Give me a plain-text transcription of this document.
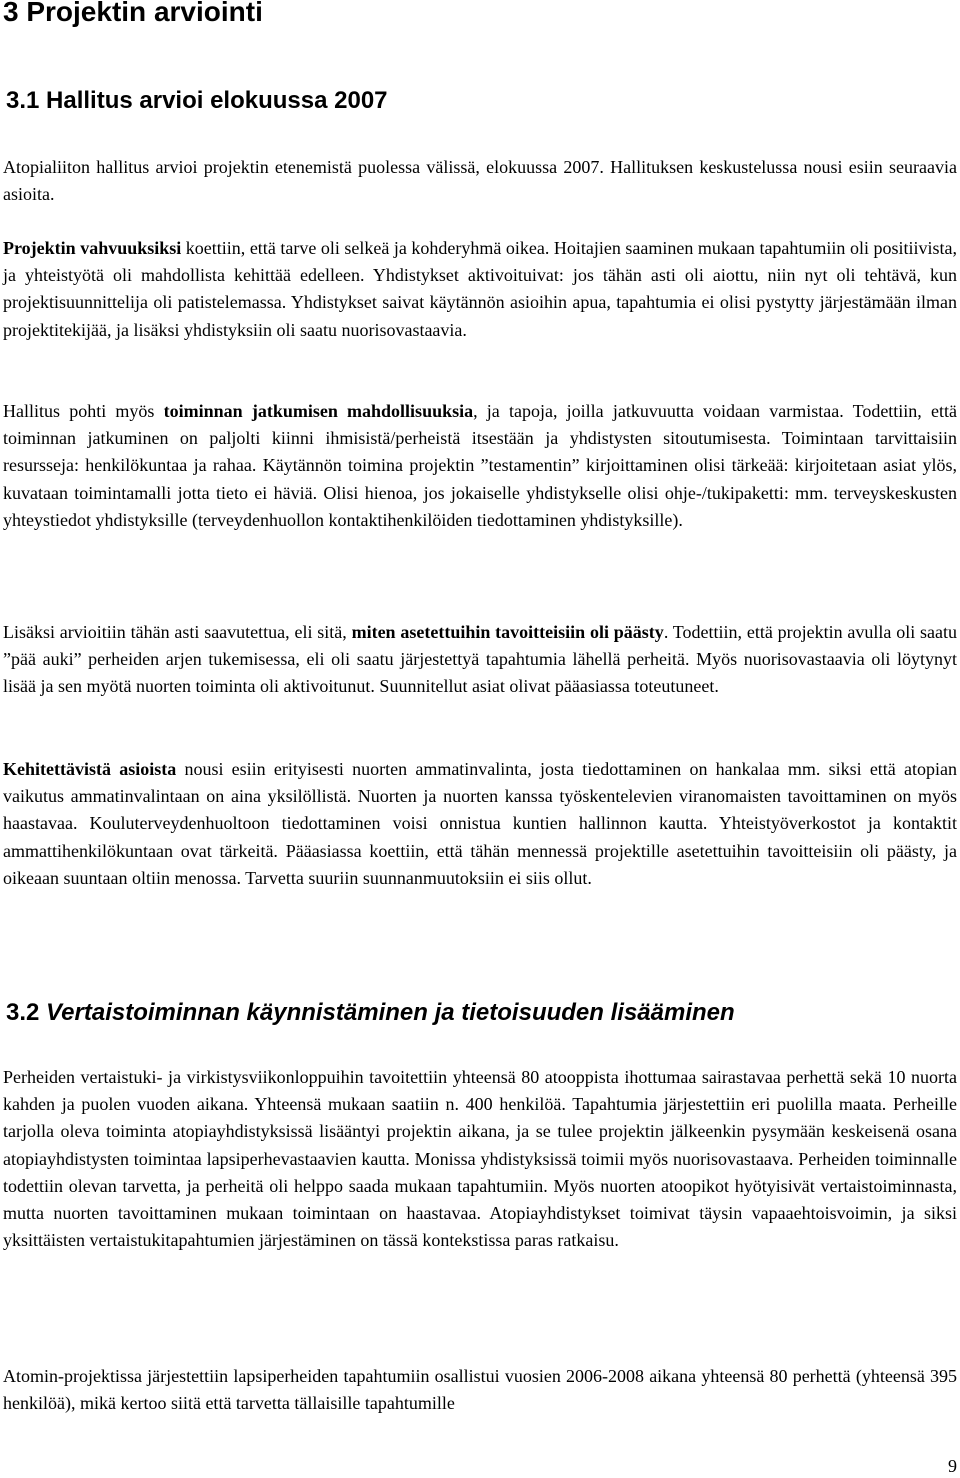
3 Projektin arviointi
3.1 Hallitus arvioi elokuussa 2007

Atopialiiton hallitus arvioi projektin etenemistä puolessa välissä, elokuussa 2007. Hallituksen keskustelussa nousi esiin seuraavia asioita.

Projektin vahvuuksiksi koettiin, että tarve oli selkeä ja kohderyhmä oikea. Hoitajien saaminen mukaan tapahtumiin oli positiivista, ja yhteistyötä oli mahdollista kehittää edelleen. Yhdistykset aktivoituivat: jos tähän asti oli aiottu, niin nyt oli tehtävä, kun projektisuunnittelija oli patistelemassa. Yhdistykset saivat käytännön asioihin apua, tapahtumia ei olisi pystytty järjestämään ilman projektitekijää, ja lisäksi yhdistyksiin oli saatu nuorisovastaavia.

Hallitus pohti myös toiminnan jatkumisen mahdollisuuksia, ja tapoja, joilla jatkuvuutta voidaan varmistaa. Todettiin, että toiminnan jatkuminen on paljolti kiinni ihmisistä/perheistä itsestään ja yhdistysten sitoutumisesta. Toimintaan tarvittaisiin resursseja: henkilökuntaa ja rahaa. Käytännön toimina projektin ”testamentin” kirjoittaminen olisi tärkeää: kirjoitetaan asiat ylös, kuvataan toimintamalli jotta tieto ei häviä. Olisi hienoa, jos jokaiselle yhdistykselle olisi ohje-/tukipaketti: mm. terveyskeskusten yhteystiedot yhdistyksille (terveydenhuollon kontaktihenkilöiden tiedottaminen yhdistyksille).

Lisäksi arvioitiin tähän asti saavutettua, eli sitä, miten asetettuihin tavoitteisiin oli päästy. Todettiin, että projektin avulla oli saatu ”pää auki” perheiden arjen tukemisessa, eli oli saatu järjestettyä tapahtumia lähellä perheitä. Myös nuorisovastaavia oli löytynyt lisää ja sen myötä nuorten toiminta oli aktivoitunut. Suunnitellut asiat olivat pääasiassa toteutuneet.

Kehitettävistä asioista nousi esiin erityisesti nuorten ammatinvalinta, josta tiedottaminen on hankalaa mm. siksi että atopian vaikutus ammatinvalintaan on aina yksilöllistä. Nuorten ja nuorten kanssa työskentelevien viranomaisten tavoittaminen on myös haastavaa. Kouluterveydenhuoltoon tiedottaminen voisi onnistua kuntien hallinnon kautta. Yhteistyöverkostot ja kontaktit ammattihenkilökuntaan ovat tärkeitä. Pääasiassa koettiin, että tähän mennessä projektille asetettuihin tavoitteisiin oli päästy, ja oikeaan suuntaan oltiin menossa. Tarvetta suuriin suunnanmuutoksiin ei siis ollut.

3.2 Vertaistoiminnan käynnistäminen ja tietoisuuden lisääminen

Perheiden vertaistuki- ja virkistysviikonloppuihin tavoitettiin yhteensä 80 atooppista ihottumaa sairastavaa perhettä sekä 10 nuorta kahden ja puolen vuoden aikana. Yhteensä mukaan saatiin n. 400 henkilöä. Tapahtumia järjestettiin eri puolilla maata. Perheille tarjolla oleva toiminta atopiayhdistyksissä lisääntyi projektin aikana, ja se tulee projektin jälkeenkin pysymään keskeisenä osana atopiayhdistysten toimintaa lapsiperhevastaavien kautta. Monissa yhdistyksissä toimii myös nuorisovastaava. Perheiden toiminnalle todettiin olevan tarvetta, ja perheitä oli helppo saada mukaan tapahtumiin. Myös nuorten atoopikot hyötyisivät vertaistoiminnasta, mutta nuorten tavoittaminen mukaan toimintaan on haastavaa. Atopiayhdistykset toimivat täysin vapaaehtoisvoimin, ja siksi yksittäisten vertaistukitapahtumien järjestäminen on tässä kontekstissa paras ratkaisu.

Atomin-projektissa järjestettiin lapsiperheiden tapahtumiin osallistui vuosien 2006-2008 aikana yhteensä 80 perhettä (yhteensä 395 henkilöä), mikä kertoo siitä että tarvetta tällaisille tapahtumille

9
